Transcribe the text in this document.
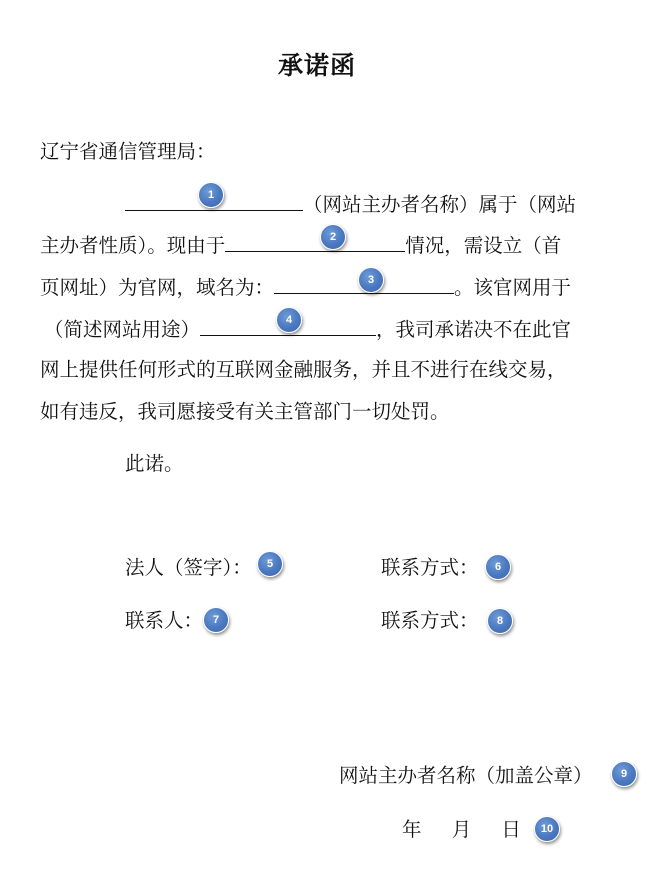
承诺函
辽宁省通信管理局：
（网站主办者名称）属于（网站
1
主办者性质）。现由于	情况，需设立（首
2
页网址）为官网，域名为：	。该官网用于
3
（简述网站用途）	，我司承诺决不在此官
4
网上提供任何形式的互联网金融服务，并且不进行在线交易，
如有违反，我司愿接受有关主管部门一切处罚。
此诺。
法人（签字）：	5	联系方式：	6
联系人： 7	联系方式：	8
网站主办者名称（加盖公章）	9
年 月 日	10
